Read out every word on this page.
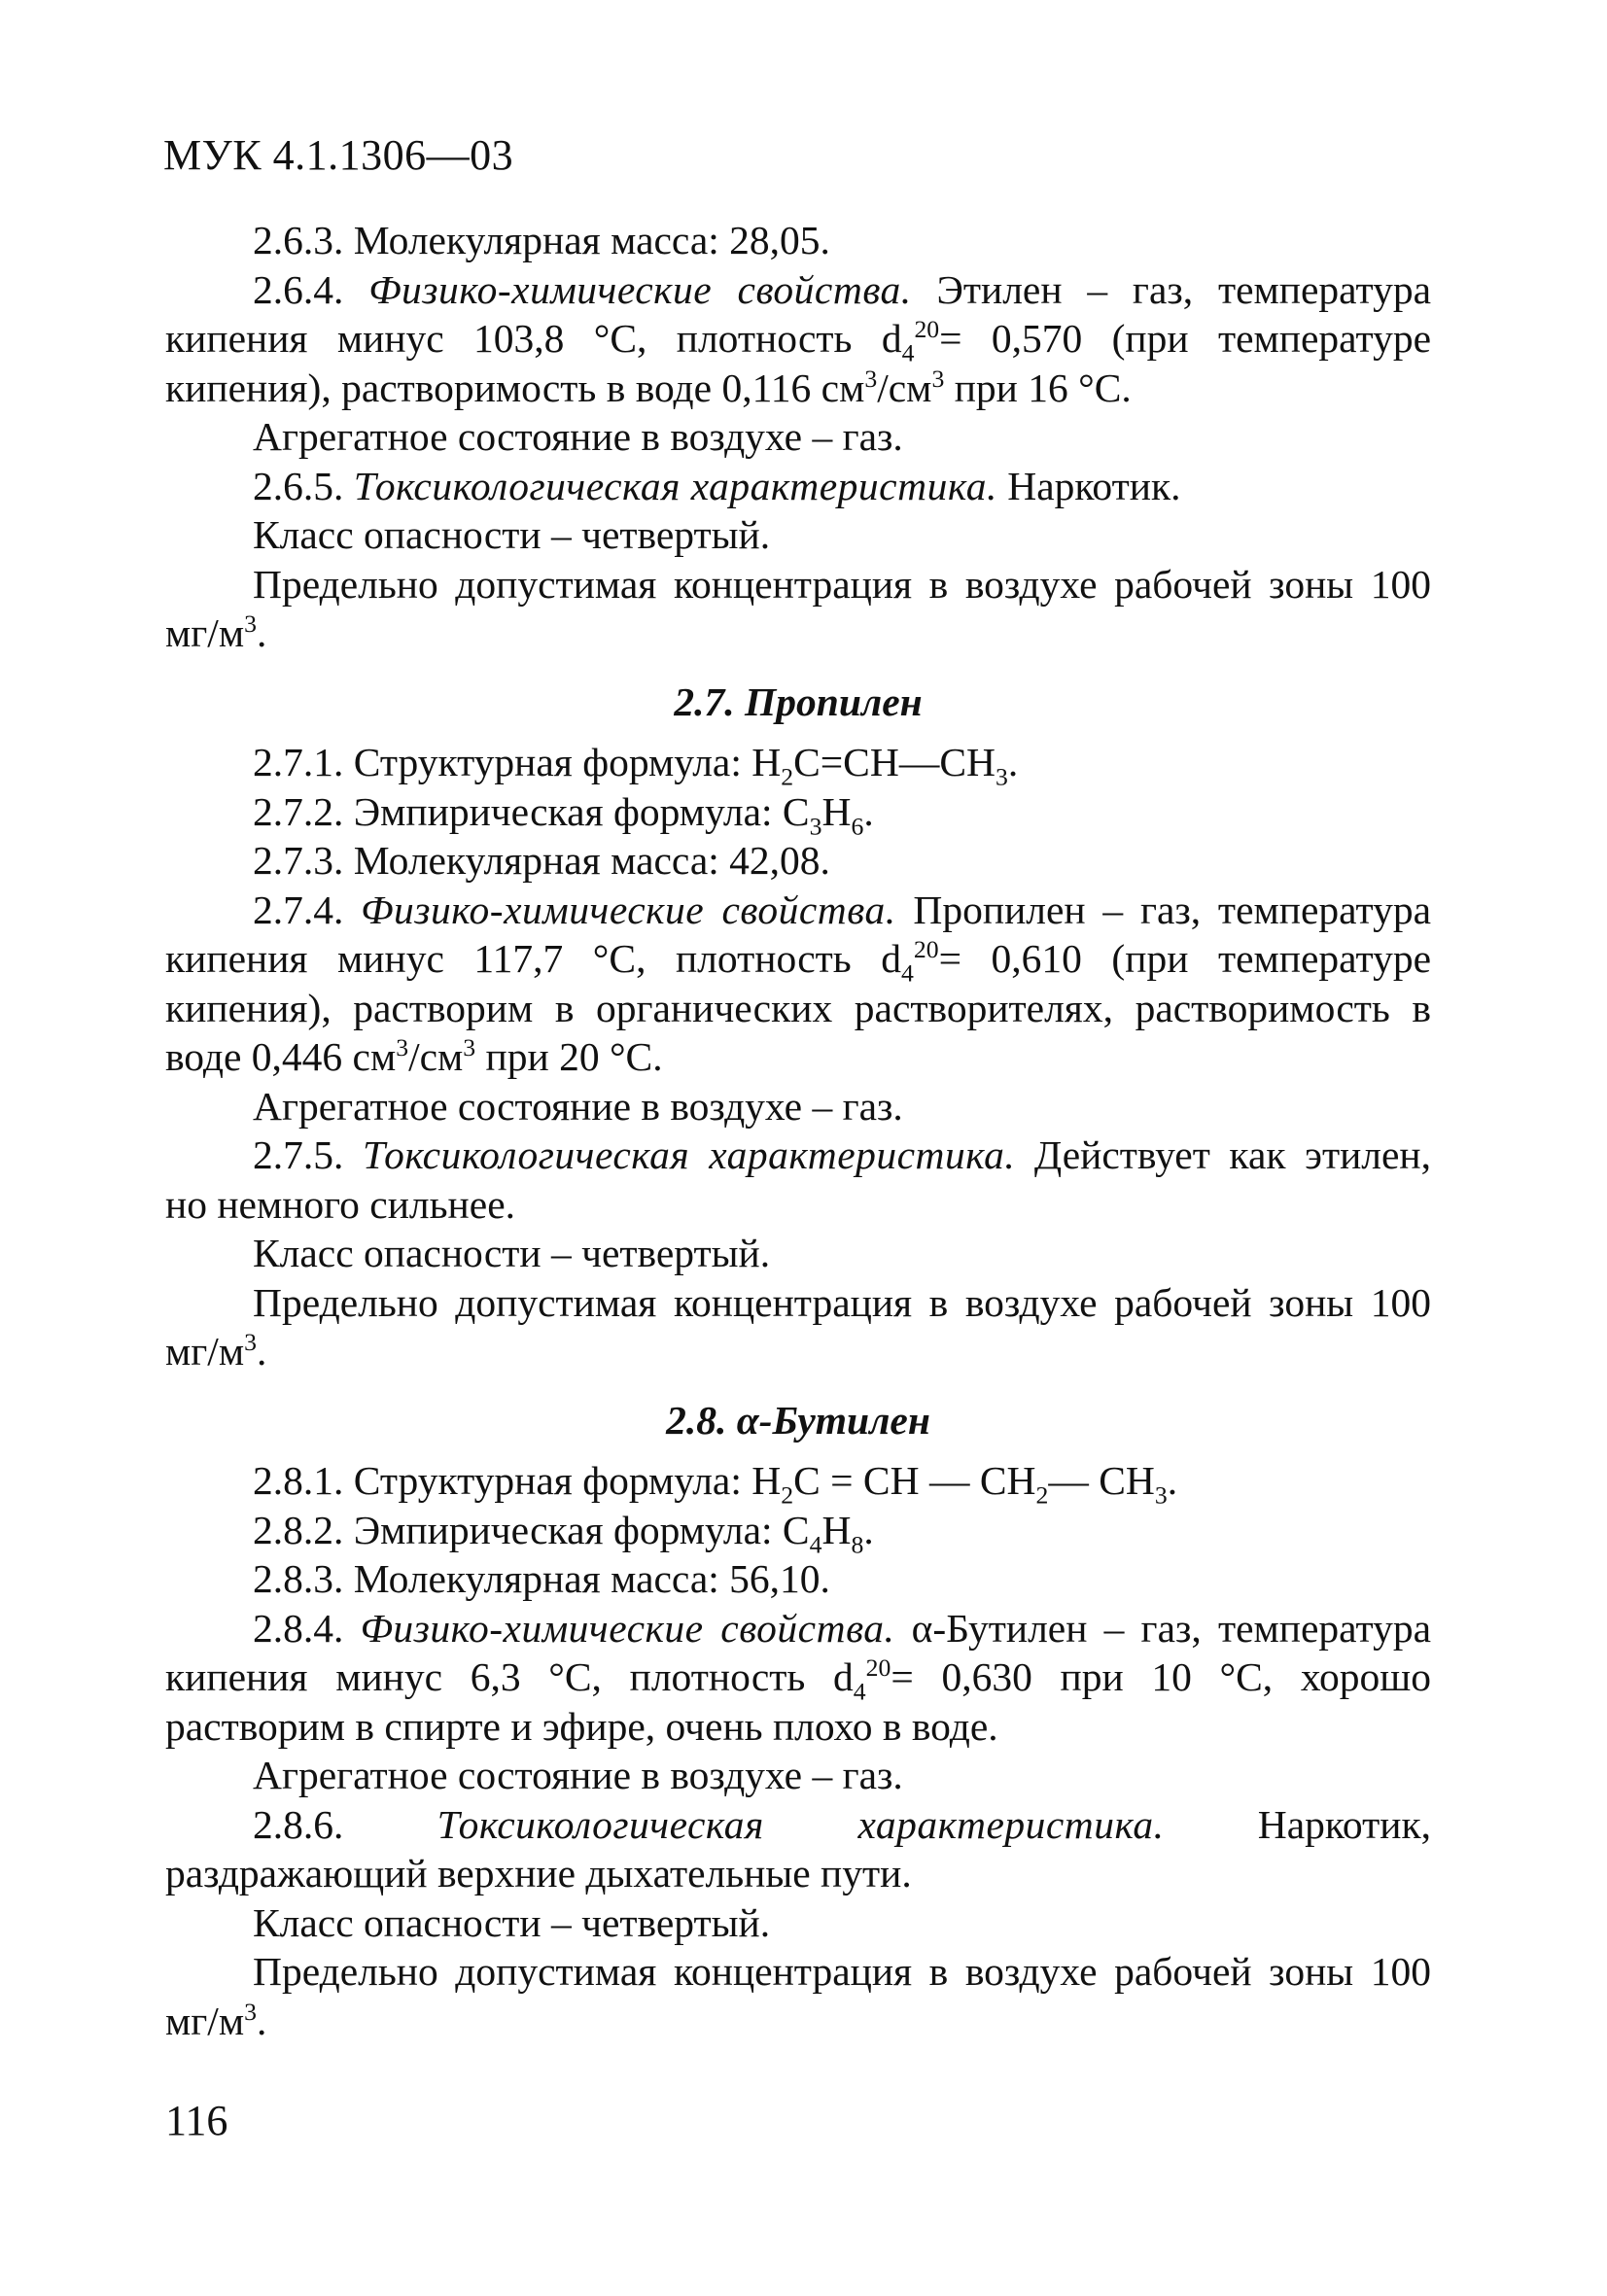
МУК 4.1.1306—03

2.6.3. Молекулярная масса: 28,05.

2.6.4. Физико-химические свойства. Этилен – газ, температура кипения минус 103,8 °С, плотность $d_4^{20}= 0,570$ (при температуре кипения), растворимость в воде 0,116 $см^3/см^3$ при 16 °С.

Агрегатное состояние в воздухе – газ.

2.6.5. Токсикологическая характеристика. Наркотик.

Класс опасности – четвертый.

Предельно допустимая концентрация в воздухе рабочей зоны 100 $мг/м^3$.

2.7. Пропилен

2.7.1. Структурная формула: $H_2C=CH—CH_3$.

2.7.2. Эмпирическая формула: $C_3H_6$.

2.7.3. Молекулярная масса: 42,08.

2.7.4. Физико-химические свойства. Пропилен – газ, температура кипения минус 117,7 °С, плотность $d_4^{20}= 0,610$ (при температуре кипения), растворим в органических растворителях, растворимость в воде 0,446 $см^3/см^3$ при 20 °С.

Агрегатное состояние в воздухе – газ.

2.7.5. Токсикологическая характеристика. Действует как этилен, но немного сильнее.

Класс опасности – четвертый.

Предельно допустимая концентрация в воздухе рабочей зоны 100 $мг/м^3$.

2.8. α-Бутилен

2.8.1. Структурная формула: $H_2C$ = CH — $CH_2—$ $CH_3$.

2.8.2. Эмпирическая формула: $C_4H_8$.

2.8.3. Молекулярная масса: 56,10.

2.8.4. Физико-химические свойства. α-Бутилен – газ, температура кипения минус 6,3 °С, плотность $d_4^{20}= 0,630$ при 10 °С, хорошо растворим в спирте и эфире, очень плохо в воде.

Агрегатное состояние в воздухе – газ.

2.8.6. Токсикологическая характеристика. Наркотик, раздражающий верхние дыхательные пути.

Класс опасности – четвертый.

Предельно допустимая концентрация в воздухе рабочей зоны 100 $мг/м^3$.

116
